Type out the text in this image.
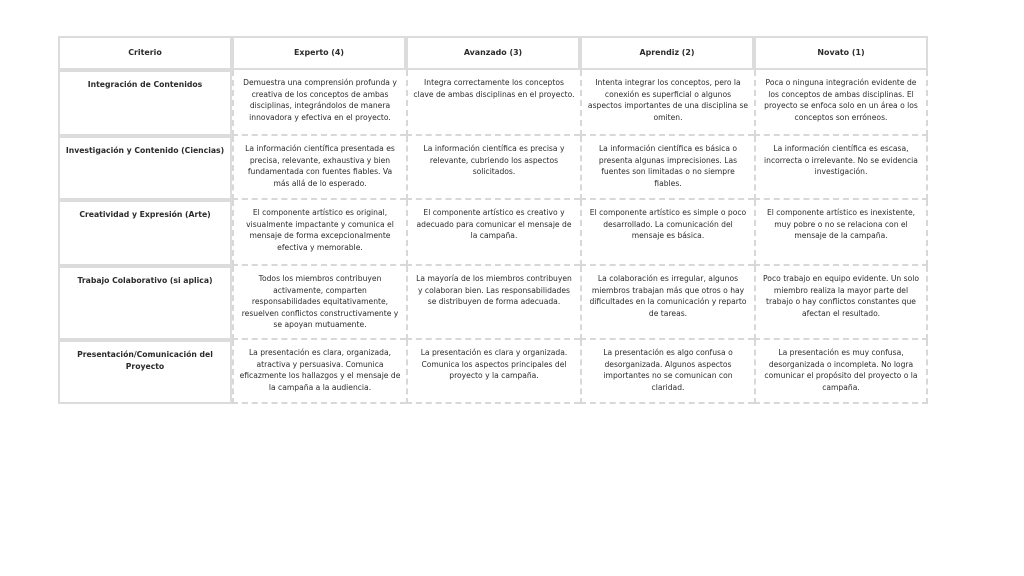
Criterio	Experto (4)	Avanzado (3)	Aprendiz (2)	Novato (1)
Integración de Contenidos	Demuestra una comprensión profunda y creativa de los conceptos de ambas disciplinas, integrándolos de manera innovadora y efectiva en el proyecto.	Integra correctamente los conceptos clave de ambas disciplinas en el proyecto.	Intenta integrar los conceptos, pero la conexión es superficial o algunos aspectos importantes de una disciplina se omiten.	Poca o ninguna integración evidente de los conceptos de ambas disciplinas. El proyecto se enfoca solo en un área o los conceptos son erróneos.
Investigación y Contenido (Ciencias)	La información científica presentada es precisa, relevante, exhaustiva y bien fundamentada con fuentes fiables. Va más allá de lo esperado.	La información científica es precisa y relevante, cubriendo los aspectos solicitados.	La información científica es básica o presenta algunas imprecisiones. Las fuentes son limitadas o no siempre fiables.	La información científica es escasa, incorrecta o irrelevante. No se evidencia investigación.
Creatividad y Expresión (Arte)	El componente artístico es original, visualmente impactante y comunica el mensaje de forma excepcionalmente efectiva y memorable.	El componente artístico es creativo y adecuado para comunicar el mensaje de la campaña.	El componente artístico es simple o poco desarrollado. La comunicación del mensaje es básica.	El componente artístico es inexistente, muy pobre o no se relaciona con el mensaje de la campaña.
Trabajo Colaborativo (si aplica)	Todos los miembros contribuyen activamente, comparten responsabilidades equitativamente, resuelven conflictos constructivamente y se apoyan mutuamente.	La mayoría de los miembros contribuyen y colaboran bien. Las responsabilidades se distribuyen de forma adecuada.	La colaboración es irregular, algunos miembros trabajan más que otros o hay dificultades en la comunicación y reparto de tareas.	Poco trabajo en equipo evidente. Un solo miembro realiza la mayor parte del trabajo o hay conflictos constantes que afectan el resultado.
Presentación/Comunicación del Proyecto	La presentación es clara, organizada, atractiva y persuasiva. Comunica eficazmente los hallazgos y el mensaje de la campaña a la audiencia.	La presentación es clara y organizada. Comunica los aspectos principales del proyecto y la campaña.	La presentación es algo confusa o desorganizada. Algunos aspectos importantes no se comunican con claridad.	La presentación es muy confusa, desorganizada o incompleta. No logra comunicar el propósito del proyecto o la campaña.
